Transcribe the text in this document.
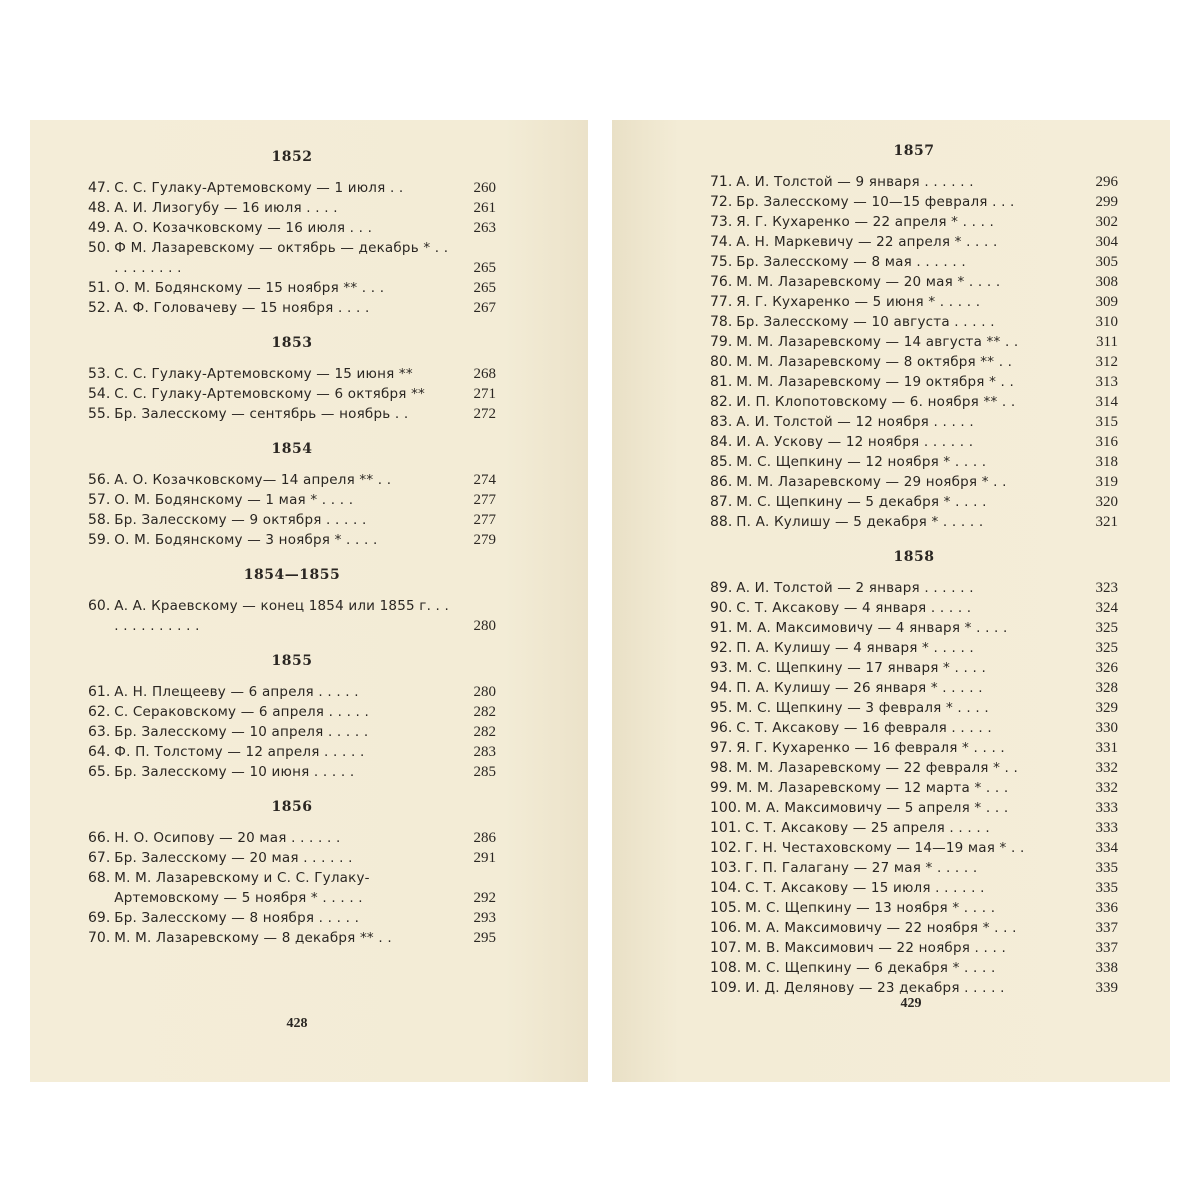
1852
47. С. С. Гулаку-Артемовскому — 1 июля . .	260
48. А. И. Лизогубу — 16 июля . . . .	261
49. А. О. Козачковскому — 16 июля . . .	263
50. Ф М. Лазаревскому — октябрь — декабрь * . . . . . . . . . .	265
51. О. М. Бодянскому — 15 ноября ** . . .	265
52. А. Ф. Головачеву — 15 ноября . . . .	267
1853
53. С. С. Гулаку-Артемовскому — 15 июня **	268
54. С. С. Гулаку-Артемовскому — 6 октября **	271
55. Бр. Залесскому — сентябрь — ноябрь . .	272
1854
56. А. О. Козачковскому— 14 апреля ** . .	274
57. О. М. Бодянскому — 1 мая * . . . .	277
58. Бр. Залесскому — 9 октября . . . . .	277
59. О. М. Бодянскому — 3 ноября * . . . .	279
1854—1855
60. А. А. Краевскому — конец 1854 или 1855 г. . . . . . . . . . . . .	280
1855
61. А. Н. Плещееву — 6 апреля . . . . .	280
62. С. Сераковскому — 6 апреля . . . . .	282
63. Бр. Залесскому — 10 апреля . . . . .	282
64. Ф. П. Толстому — 12 апреля . . . . .	283
65. Бр. Залесскому — 10 июня . . . . .	285
1856
66. Н. О. Осипову — 20 мая . . . . . .	286
67. Бр. Залесскому — 20 мая . . . . . .	291
68. М. М. Лазаревскому и С. С. Гулаку-Артемовскому — 5 ноября * . . . . .	292
69. Бр. Залесскому — 8 ноября . . . . .	293
70. М. М. Лазаревскому — 8 декабря ** . .	295
428
1857
71. А. И. Толстой — 9 января . . . . . .	296
72. Бр. Залесскому — 10—15 февраля . . .	299
73. Я. Г. Кухаренко — 22 апреля * . . . .	302
74. А. Н. Маркевичу — 22 апреля * . . . .	304
75. Бр. Залесскому — 8 мая . . . . . .	305
76. М. М. Лазаревскому — 20 мая * . . . .	308
77. Я. Г. Кухаренко — 5 июня * . . . . .	309
78. Бр. Залесскому — 10 августа . . . . .	310
79. М. М. Лазаревскому — 14 августа ** . .	311
80. М. М. Лазаревскому — 8 октября ** . .	312
81. М. М. Лазаревскому — 19 октября * . .	313
82. И. П. Клопотовскому — 6. ноября ** . .	314
83. А. И. Толстой — 12 ноября . . . . .	315
84. И. А. Ускову — 12 ноября . . . . . .	316
85. М. С. Щепкину — 12 ноября * . . . .	318
86. М. М. Лазаревскому — 29 ноября * . .	319
87. М. С. Щепкину — 5 декабря * . . . .	320
88. П. А. Кулишу — 5 декабря * . . . . .	321
1858
89. А. И. Толстой — 2 января . . . . . .	323
90. С. Т. Аксакову — 4 января . . . . .	324
91. М. А. Максимовичу — 4 января * . . . .	325
92. П. А. Кулишу — 4 января * . . . . .	325
93. М. С. Щепкину — 17 января * . . . .	326
94. П. А. Кулишу — 26 января * . . . . .	328
95. М. С. Щепкину — 3 февраля * . . . .	329
96. С. Т. Аксакову — 16 февраля . . . . .	330
97. Я. Г. Кухаренко — 16 февраля * . . . .	331
98. М. М. Лазаревскому — 22 февраля * . .	332
99. М. М. Лазаревскому — 12 марта * . . .	332
100. М. А. Максимовичу — 5 апреля * . . .	333
101. С. Т. Аксакову — 25 апреля . . . . .	333
102. Г. Н. Честаховскому — 14—19 мая * . .	334
103. Г. П. Галагану — 27 мая * . . . . .	335
104. С. Т. Аксакову — 15 июля . . . . . .	335
105. М. С. Щепкину — 13 ноября * . . . .	336
106. М. А. Максимовичу — 22 ноября * . . .	337
107. М. В. Максимович — 22 ноября . . . .	337
108. М. С. Щепкину — 6 декабря * . . . .	338
109. И. Д. Делянову — 23 декабря . . . . .	339
429
